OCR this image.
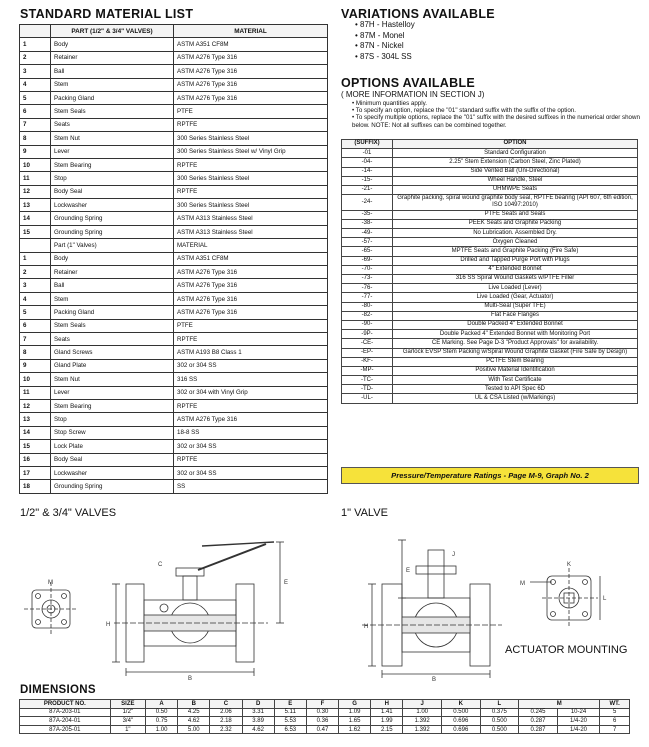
STANDARD MATERIAL LIST
	PART (1/2" & 3/4" VALVES)	MATERIAL
1	Body	ASTM A351 CF8M
2	Retainer	ASTM A276 Type 316
3	Ball	ASTM A276 Type 316
4	Stem	ASTM A276 Type 316
5	Packing Gland	ASTM A276 Type 316
6	Stem Seals	PTFE
7	Seats	RPTFE
8	Stem Nut	300 Series Stainless Steel
9	Lever	300 Series Stainless Steel w/ Vinyl Grip
10	Stem Bearing	RPTFE
11	Stop	300 Series Stainless Steel
12	Body Seal	RPTFE
13	Lockwasher	300 Series Stainless Steel
14	Grounding Spring	ASTM A313 Stainless Steel
15	Grounding Spring	ASTM A313 Stainless Steel
	Part (1" Valves)	MATERIAL
1	Body	ASTM A351 CF8M
2	Retainer	ASTM A276 Type 316
3	Ball	ASTM A276 Type 316
4	Stem	ASTM A276 Type 316
5	Packing Gland	ASTM A276 Type 316
6	Stem Seals	PTFE
7	Seats	RPTFE
8	Gland Screws	ASTM A193 B8 Class 1
9	Gland Plate	302 or 304 SS
10	Stem Nut	316 SS
11	Lever	302 or 304 with Vinyl Grip
12	Stem Bearing	RPTFE
13	Stop	ASTM A276 Type 316
14	Stop Screw	18-8 SS
15	Lock Plate	302 or 304 SS
16	Body Seal	RPTFE
17	Lockwasher	302 or 304 SS
18	Grounding Spring	SS
VARIATIONS AVAILABLE
• 87H - Hastelloy
• 87M - Monel
• 87N - Nickel
• 87S - 304L SS
OPTIONS AVAILABLE
( MORE INFORMATION IN SECTION J)
• Minimum quantities apply.
• To specify an option, replace the "01" standard suffix with the suffix of the option.
• To specify multiple options, replace the "01" suffix with the desired suffixes in the numerical order shown below. NOTE: Not all suffixes can be combined together.
(SUFFIX)	OPTION
-01	Standard Configuration
-04-	2.25" Stem Extension (Carbon Steel, Zinc Plated)
-14-	Side Vented Ball (Uni-Directional)
-15-	Wheel Handle, Steel
-21-	UHMWPE Seats
-24-	Graphite packing, spiral wound graphite body seal, RPTFE bearing (API 607, 6th edition, ISO 10497:2010)
-35-	PTFE Seats and Seals
-38-	PEEK Seats and Graphite Packing
-49-	No Lubrication. Assembled Dry.
-57-	Oxygen Cleaned
-65-	MPTFE Seats and Graphite Packing (Fire Safe)
-69-	Drilled and Tapped Purge Port with Plugs
-70-	4" Extended Bonnet
-73-	316 SS Spiral Wound Gaskets w/PTFE Filler
-76-	Live Loaded (Lever)
-77-	Live Loaded (Gear, Actuator)
-80-	Multi-Seal (Super TFE)
-82-	Flat Face Flanges
-90-	Double Packed 4" Extended Bonnet
-9P-	Double Packed 4" Extended Bonnet with Monitoring Port
-CE-	CE Marking. See Page D-3 "Product Approvals" for availability.
-EP-	Garlock EVSP Stem Packing w/Spiral Wound Graphite Gasket (Fire Safe by Design)
-KF-	PCTFE Stem Bearing
-MP-	Positive Material Identification
-TC-	With Test Certificate
-TD-	Tested to API Spec 6D
-UL-	UL & CSA Listed (w/Markings)
Pressure/Temperature Ratings - Page M-9, Graph No. 2
1/2" & 3/4" VALVES	1" VALVE
ACTUATOR MOUNTING
B
E
H
C
M
B
H
E
J
M
L
K
DIMENSIONS
PRODUCT NO.	SIZE	A	B	C	D	E	F	G	H	J	K	L	M		WT.
87A-203-01	1/2"	0.50	4.25	2.06	3.31	5.11	0.30	1.09	1.41	1.00	0.500	0.375	0.245	10-24	5
87A-204-01	3/4"	0.75	4.62	2.18	3.89	5.53	0.36	1.65	1.99	1.392	0.696	0.500	0.287	1/4-20	6
87A-205-01	1"	1.00	5.00	2.32	4.62	6.53	0.47	1.62	2.15	1.392	0.696	0.500	0.287	1/4-20	7
